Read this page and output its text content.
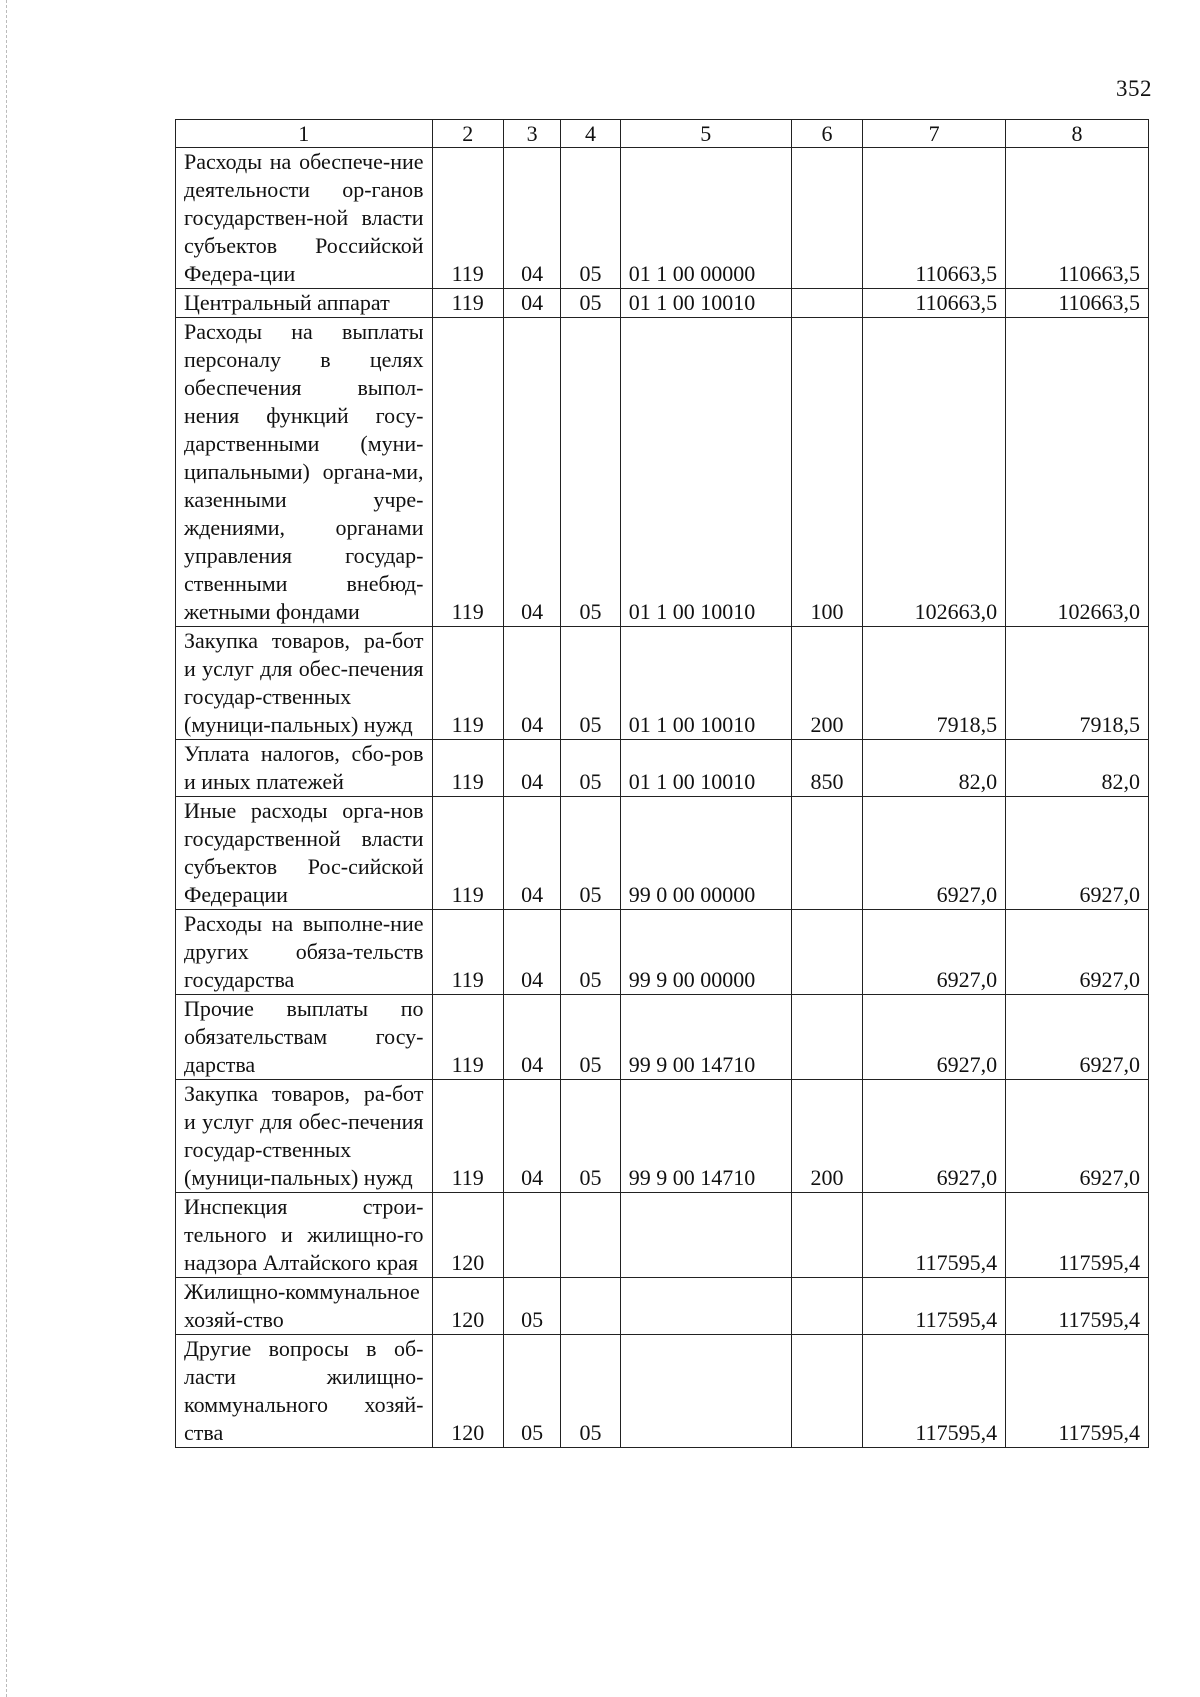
352
1	2	3	4	5	6	7	8
Расходы на обеспече-ние деятельности ор-ганов государствен-ной власти субъектов Российской Федера-ции	119	04	05	01 1 00 00000		110663,5	110663,5
Центральный аппарат	119	04	05	01 1 00 10010		110663,5	110663,5
Расходы на выплаты персоналу в целях обеспечения выпол-нения функций госу-дарственными (муни-ципальными) органа-ми, казенными учре-ждениями, органами управления государ-ственными внебюд-жетными фондами	119	04	05	01 1 00 10010	100	102663,0	102663,0
Закупка товаров, ра-бот и услуг для обес-печения государ-ственных (муници-пальных) нужд	119	04	05	01 1 00 10010	200	7918,5	7918,5
Уплата налогов, сбо-ров и иных платежей	119	04	05	01 1 00 10010	850	82,0	82,0
Иные расходы орга-нов государственной власти субъектов Рос-сийской Федерации	119	04	05	99 0 00 00000		6927,0	6927,0
Расходы на выполне-ние других обяза-тельств государства	119	04	05	99 9 00 00000		6927,0	6927,0
Прочие выплаты по обязательствам госу-дарства	119	04	05	99 9 00 14710		6927,0	6927,0
Закупка товаров, ра-бот и услуг для обес-печения государ-ственных (муници-пальных) нужд	119	04	05	99 9 00 14710	200	6927,0	6927,0
Инспекция строи-тельного и жилищно-го надзора Алтайского края	120					117595,4	117595,4
Жилищно-коммунальное хозяй-ство	120	05				117595,4	117595,4
Другие вопросы в об-ласти жилищно-коммунального хозяй-ства	120	05	05			117595,4	117595,4
